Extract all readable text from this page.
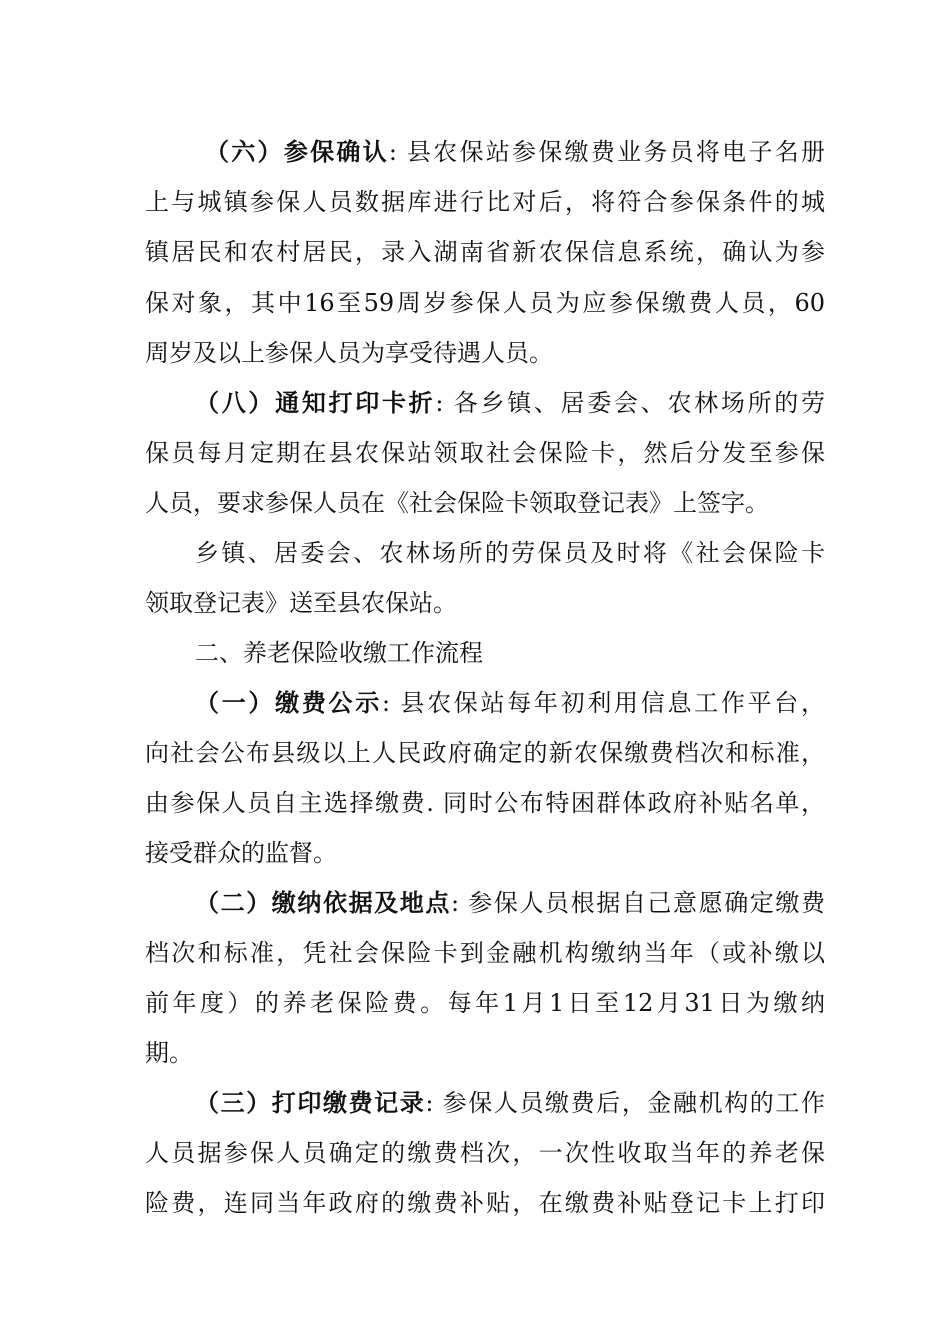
（六）参保确认: 县农保站参保缴费业务员将电子名册
上与城镇参保人员数据库进行比对后，将符合参保条件的城
镇居民和农村居民，录入湖南省新农保信息系统，确认为参
保对象，其中16至59周岁参保人员为应参保缴费人员，60
周岁及以上参保人员为享受待遇人员。
（八）通知打印卡折: 各乡镇、居委会、农林场所的劳
保员每月定期在县农保站领取社会保险卡，然后分发至参保
人员，要求参保人员在《社会保险卡领取登记表》上签字。
乡镇、居委会、农林场所的劳保员及时将《社会保险卡
领取登记表》送至县农保站。
二、养老保险收缴工作流程
（一）缴费公示: 县农保站每年初利用信息工作平台，
向社会公布县级以上人民政府确定的新农保缴费档次和标准，
由参保人员自主选择缴费. 同时公布特困群体政府补贴名单，
接受群众的监督。
（二）缴纳依据及地点: 参保人员根据自己意愿确定缴费
档次和标准，凭社会保险卡到金融机构缴纳当年（或补缴以
前年度）的养老保险费。每年1月1日至12月31日为缴纳
期。
（三）打印缴费记录: 参保人员缴费后，金融机构的工作
人员据参保人员确定的缴费档次，一次性收取当年的养老保
险费，连同当年政府的缴费补贴，在缴费补贴登记卡上打印
